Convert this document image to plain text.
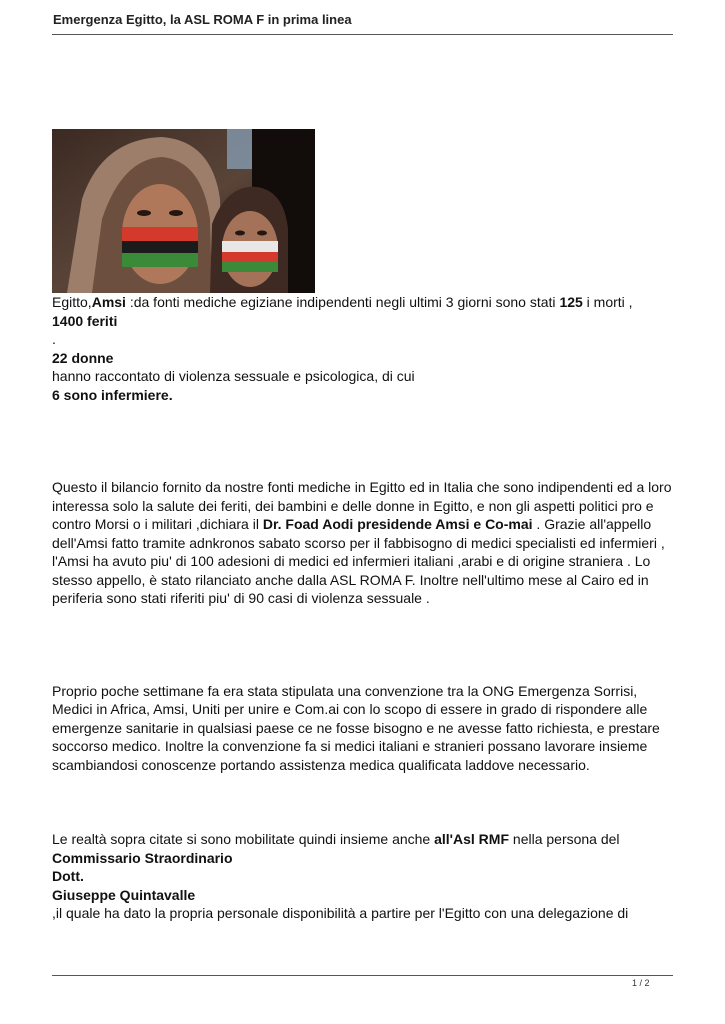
Emergenza Egitto, la ASL ROMA F in prima linea

Egitto,Amsi :da fonti mediche egiziane indipendenti negli ultimi 3 giorni sono stati 125 i morti ,

1400 feriti

.

22 donne

hanno raccontato di violenza sessuale e psicologica, di cui

6 sono infermiere.

Questo il bilancio fornito da nostre fonti mediche in Egitto ed in Italia che sono indipendenti ed a loro interessa solo la salute dei feriti, dei bambini e delle donne in Egitto, e non gli aspetti politici pro e contro Morsi o i militari ,dichiara il Dr. Foad Aodi presidende Amsi e Co-mai . Grazie all'appello dell'Amsi fatto tramite adnkronos sabato scorso per il fabbisogno di medici specialisti ed infermieri , l'Amsi ha avuto piu' di 100 adesioni di medici ed infermieri italiani ,arabi e di origine straniera . Lo stesso appello, è stato rilanciato anche dalla ASL ROMA F. Inoltre nell'ultimo mese al Cairo ed in periferia sono stati riferiti piu' di 90 casi di violenza sessuale .

Proprio poche settimane fa era stata stipulata una convenzione tra la ONG Emergenza Sorrisi, Medici in Africa, Amsi, Uniti per unire e Com.ai con lo scopo di essere in grado di rispondere alle emergenze sanitarie in qualsiasi paese ce ne fosse bisogno e ne avesse fatto richiesta, e prestare soccorso medico. Inoltre la convenzione fa si medici italiani e stranieri possano lavorare insieme scambiandosi conoscenze portando assistenza medica qualificata laddove necessario.

Le realtà sopra citate si sono mobilitate quindi insieme anche all'Asl RMF nella persona del Commissario Straordinario

Dott.

Giuseppe Quintavalle

,il quale ha dato la propria personale disponibilità a partire per l'Egitto con una delegazione di

1 / 2
